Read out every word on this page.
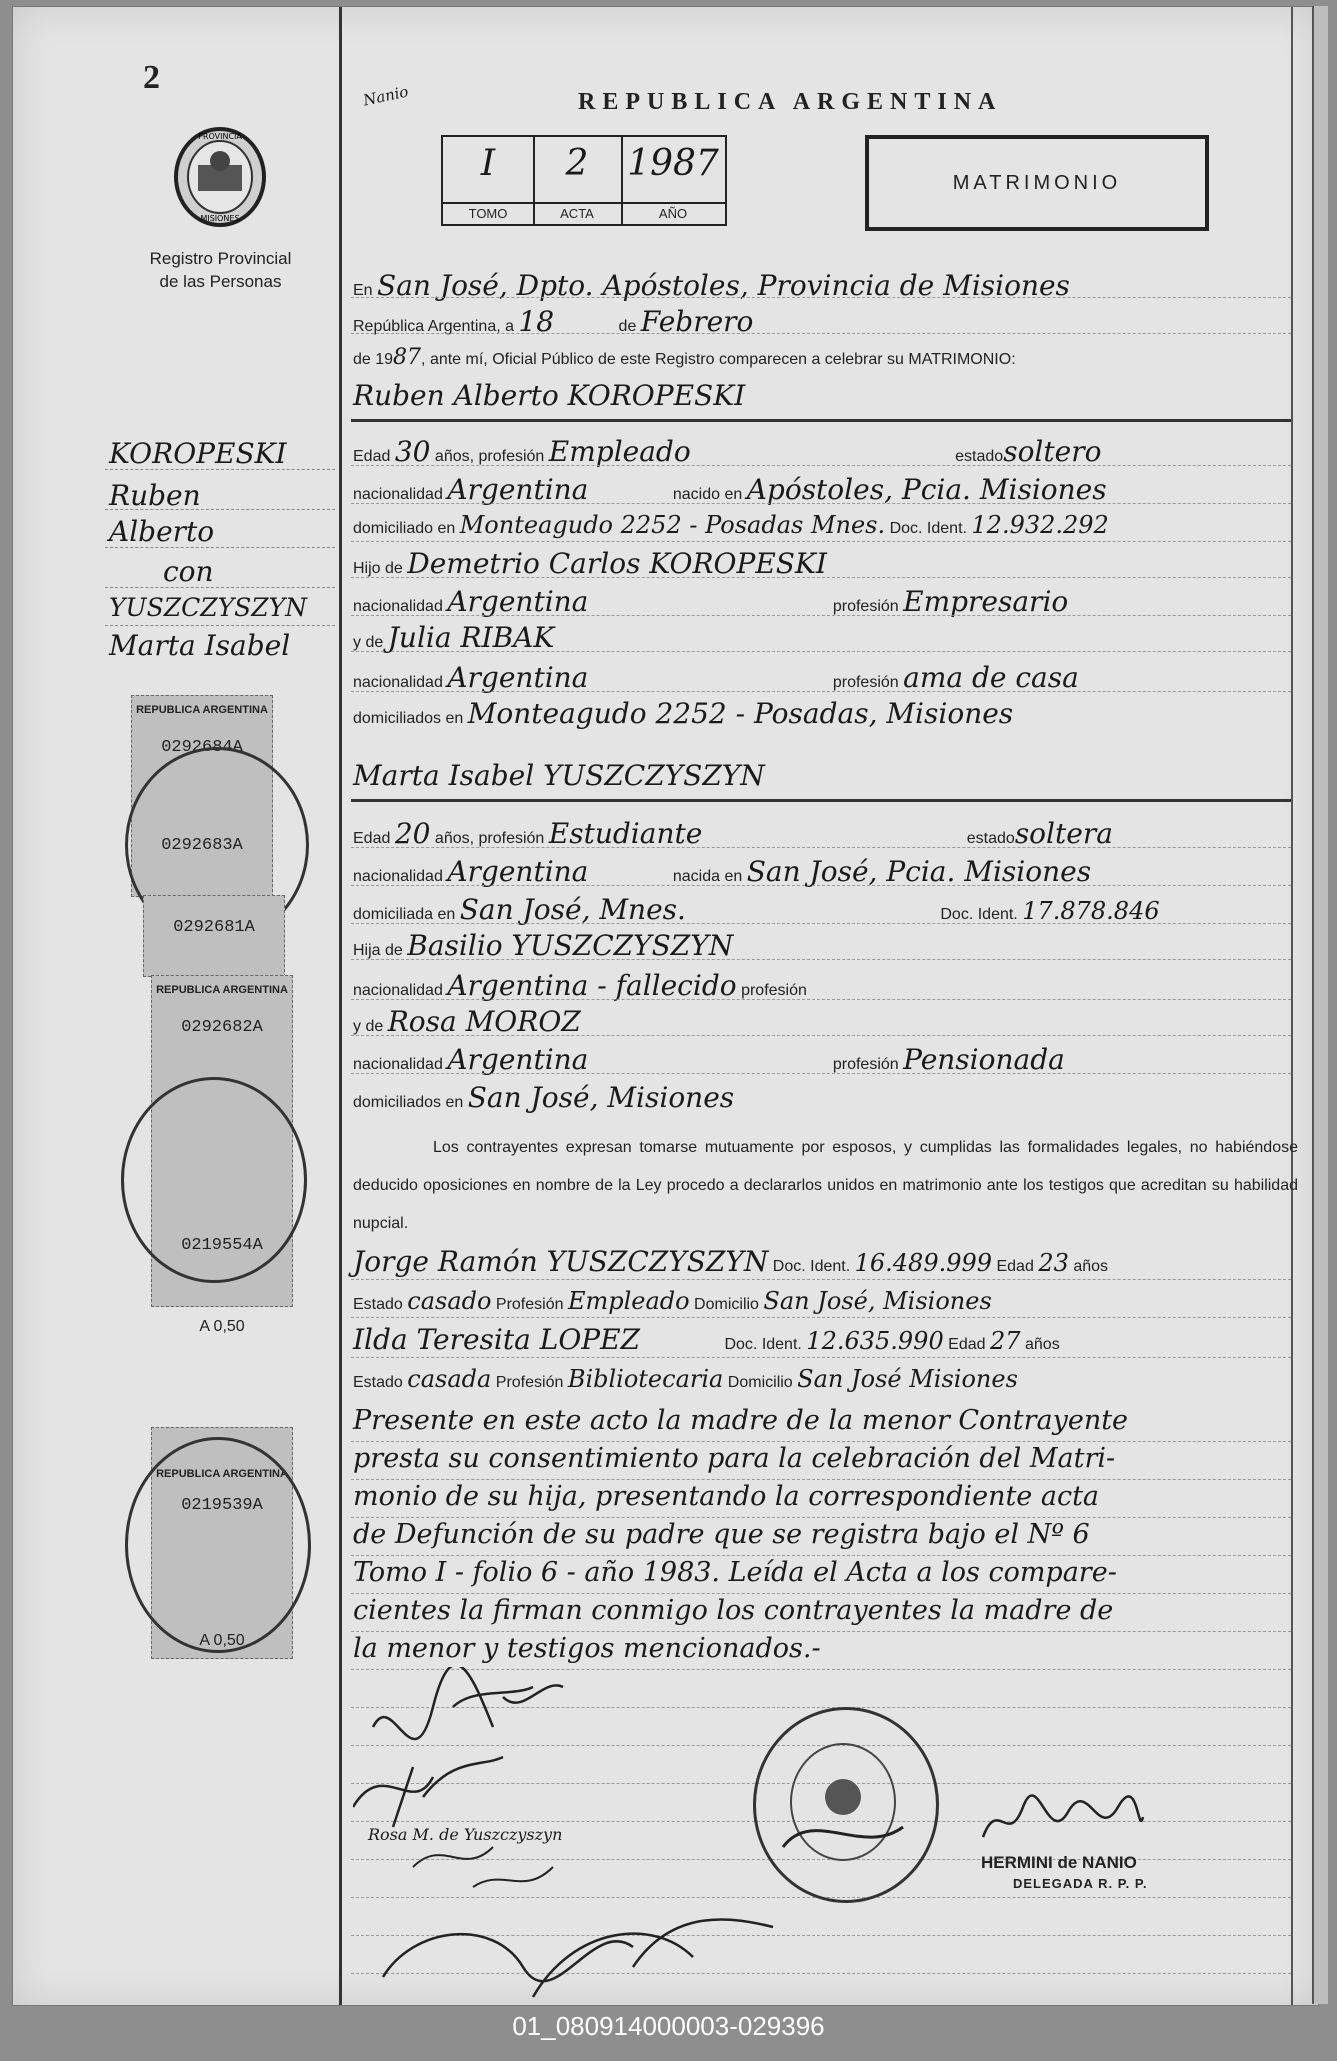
2
PROVINCIA
MISIONES
Registro Provincial
de las Personas
KOROPESKI
Ruben
Alberto
con
YUSZCZYSZYN
Marta Isabel
REPUBLICA ARGENTINA
0292684A
0292683A
0292681A
REPUBLICA ARGENTINA
0292682A
0219554A
A 0,50
REPUBLICA ARGENTINA
0219539A
A 0,50
Nanio	REPUBLICA ARGENTINA
I
TOMO
2
ACTA
1987
AÑO
MATRIMONIO
En San José, Dpto. Apóstoles, Provincia de Misiones
República Argentina, a 18	de Febrero
de 1987, ante mí, Oficial Público de este Registro comparecen a celebrar su MATRIMONIO:
Ruben Alberto KOROPESKI
Edad 30 años, profesión Empleado	estadosoltero
nacionalidad Argentina	nacido en Apóstoles, Pcia. Misiones
domiciliado en Monteagudo 2252 - Posadas Mnes. Doc. Ident. 12.932.292
Hijo de Demetrio Carlos KOROPESKI
nacionalidad Argentina	profesión Empresario
y de Julia RIBAK
nacionalidad Argentina	profesión ama de casa
domiciliados en Monteagudo 2252 - Posadas, Misiones
Marta Isabel YUSZCZYSZYN
Edad 20 años, profesión Estudiante	estadosoltera
nacionalidad Argentina	nacida en San José, Pcia. Misiones
domiciliada en San José, Mnes.	Doc. Ident. 17.878.846
Hija de Basilio YUSZCZYSZYN
nacionalidad Argentina - fallecido profesión
y de Rosa MOROZ
nacionalidad Argentina	profesión Pensionada
domiciliados en San José, Misiones
Los contrayentes expresan tomarse mutuamente por esposos, y cumplidas las formalidades legales, no habiéndose deducido oposiciones en nombre de la Ley procedo a declararlos unidos en matrimonio ante los testigos que acreditan su habilidad nupcial.
Jorge Ramón YUSZCZYSZYN Doc. Ident. 16.489.999 Edad 23 años
Estado casado Profesión Empleado Domicilio San José, Misiones
Ilda Teresita LOPEZ	Doc. Ident. 12.635.990 Edad 27 años
Estado casada Profesión Bibliotecaria Domicilio San José Misiones
Presente en este acto la madre de la menor Contrayente
presta su consentimiento para la celebración del Matri-
monio de su hija, presentando la correspondiente acta
de Defunción de su padre que se registra bajo el Nº 6
Tomo I - folio 6 - año 1983. Leída el Acta a los compare-
cientes la firman conmigo los contrayentes la madre de
la menor y testigos mencionados.-
Rosa M. de Yuszczyszyn
HERMINI de NANIO
DELEGADA R. P. P.
01_080914000003-029396
